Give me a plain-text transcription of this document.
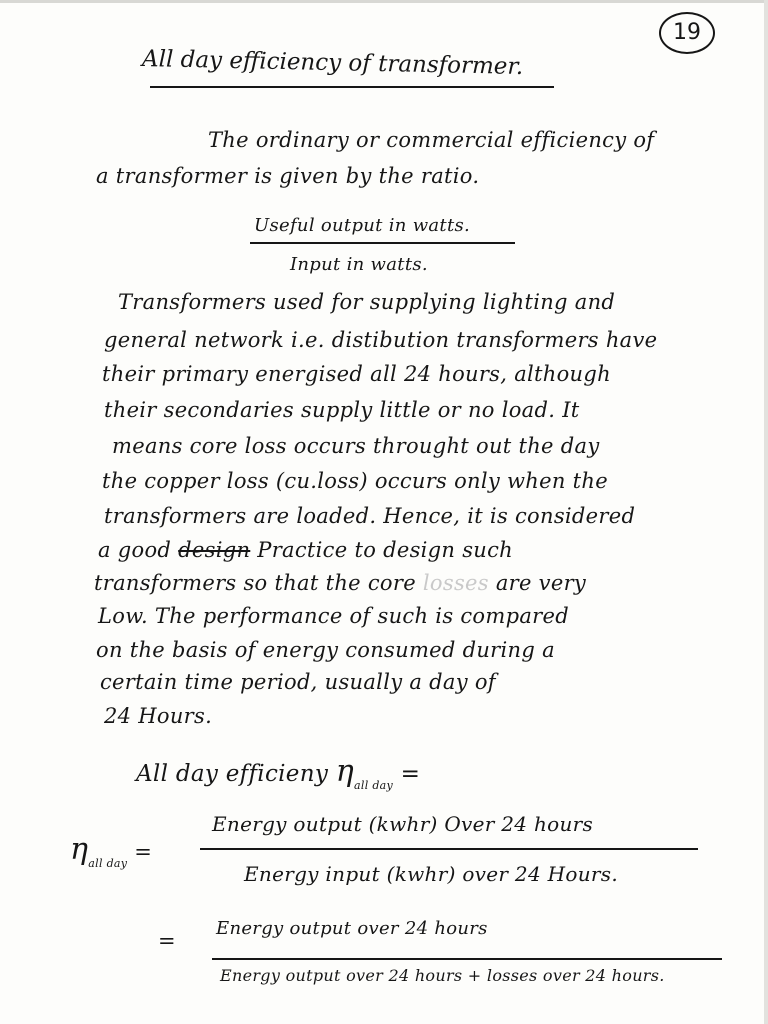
19
All day efficiency of transformer.
The ordinary or commercial efficiency of
a transformer is given by the ratio.
Useful output in watts.
Input in watts.
Transformers used for supplying lighting and
general network i.e. distibution transformers have
their primary energised all 24 hours, although
their secondaries supply little or no load. It
means core loss occurs throught out the day
the copper loss (cu.loss) occurs only when the
transformers are loaded. Hence, it is considered
a good design Practice to design such
transformers so that the core losses are very
Low. The performance of such is compared
on the basis of energy consumed during a
certain time period, usually a day of
24 Hours.
All day efficieny $\eta_{all day}$ =
$\eta_{all day}$ =
Energy output (kwhr) Over 24 hours
Energy input (kwhr) over 24 Hours.
=
Energy output over 24 hours
Energy output over 24 hours + losses over 24 hours.
